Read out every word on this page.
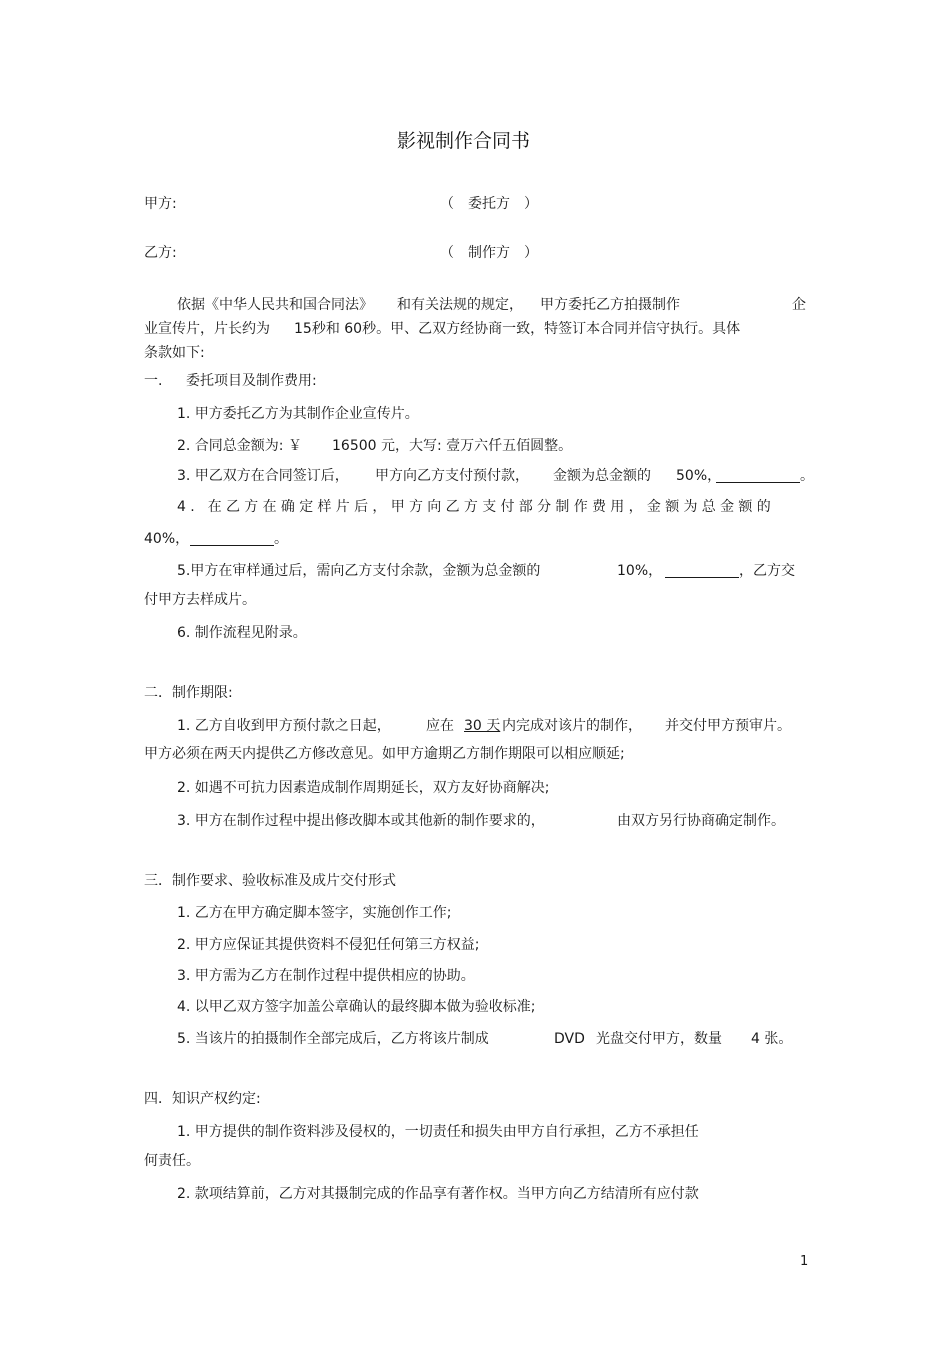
影视制作合同书
甲方:	（　委托方　）
乙方:	（　制作方　）
依据《中华人民共和国合同法》 和有关法规的规定， 甲方委托乙方拍摄制作	企
业宣传片，片长约为 15秒和 60秒。甲、乙双方经协商一致，特签订本合同并信守执行。具体
条款如下:
一. 委托项目及制作费用:
1. 甲方委托乙方为其制作企业宣传片。
2. 合同总金额为: ￥ 16500 元，大写: 壹万六仟五佰圆整。
3. 甲乙双方在合同签订后， 甲方向乙方支付预付款， 金额为总金额的 50%，	。
4. 在乙方在确定样片后，甲方向乙方支付部分制作费用，金额为总金额的
40%，	。
5.甲方在审样通过后，需向乙方支付余款，金额为总金额的	10%，	，乙方交
付甲方去样成片。
6. 制作流程见附录。
二．制作期限:
1. 乙方自收到甲方预付款之日起，	应在 30 天 内完成对该片的制作， 并交付甲方预审片。
甲方必须在两天内提供乙方修改意见。如甲方逾期乙方制作期限可以相应顺延;
2. 如遇不可抗力因素造成制作周期延长，双方友好协商解决;
3. 甲方在制作过程中提出修改脚本或其他新的制作要求的，	由双方另行协商确定制作。
三．制作要求、验收标准及成片交付形式
1. 乙方在甲方确定脚本签字，实施创作工作;
2. 甲方应保证其提供资料不侵犯任何第三方权益;
3. 甲方需为乙方在制作过程中提供相应的协助。
4. 以甲乙双方签字加盖公章确认的最终脚本做为验收标准;
5. 当该片的拍摄制作全部完成后，乙方将该片制成	DVD 光盘交付甲方，数量 4 张。
四．知识产权约定:
1. 甲方提供的制作资料涉及侵权的，一切责任和损失由甲方自行承担，乙方不承担任
何责任。
2. 款项结算前，乙方对其摄制完成的作品享有著作权。当甲方向乙方结清所有应付款
1
